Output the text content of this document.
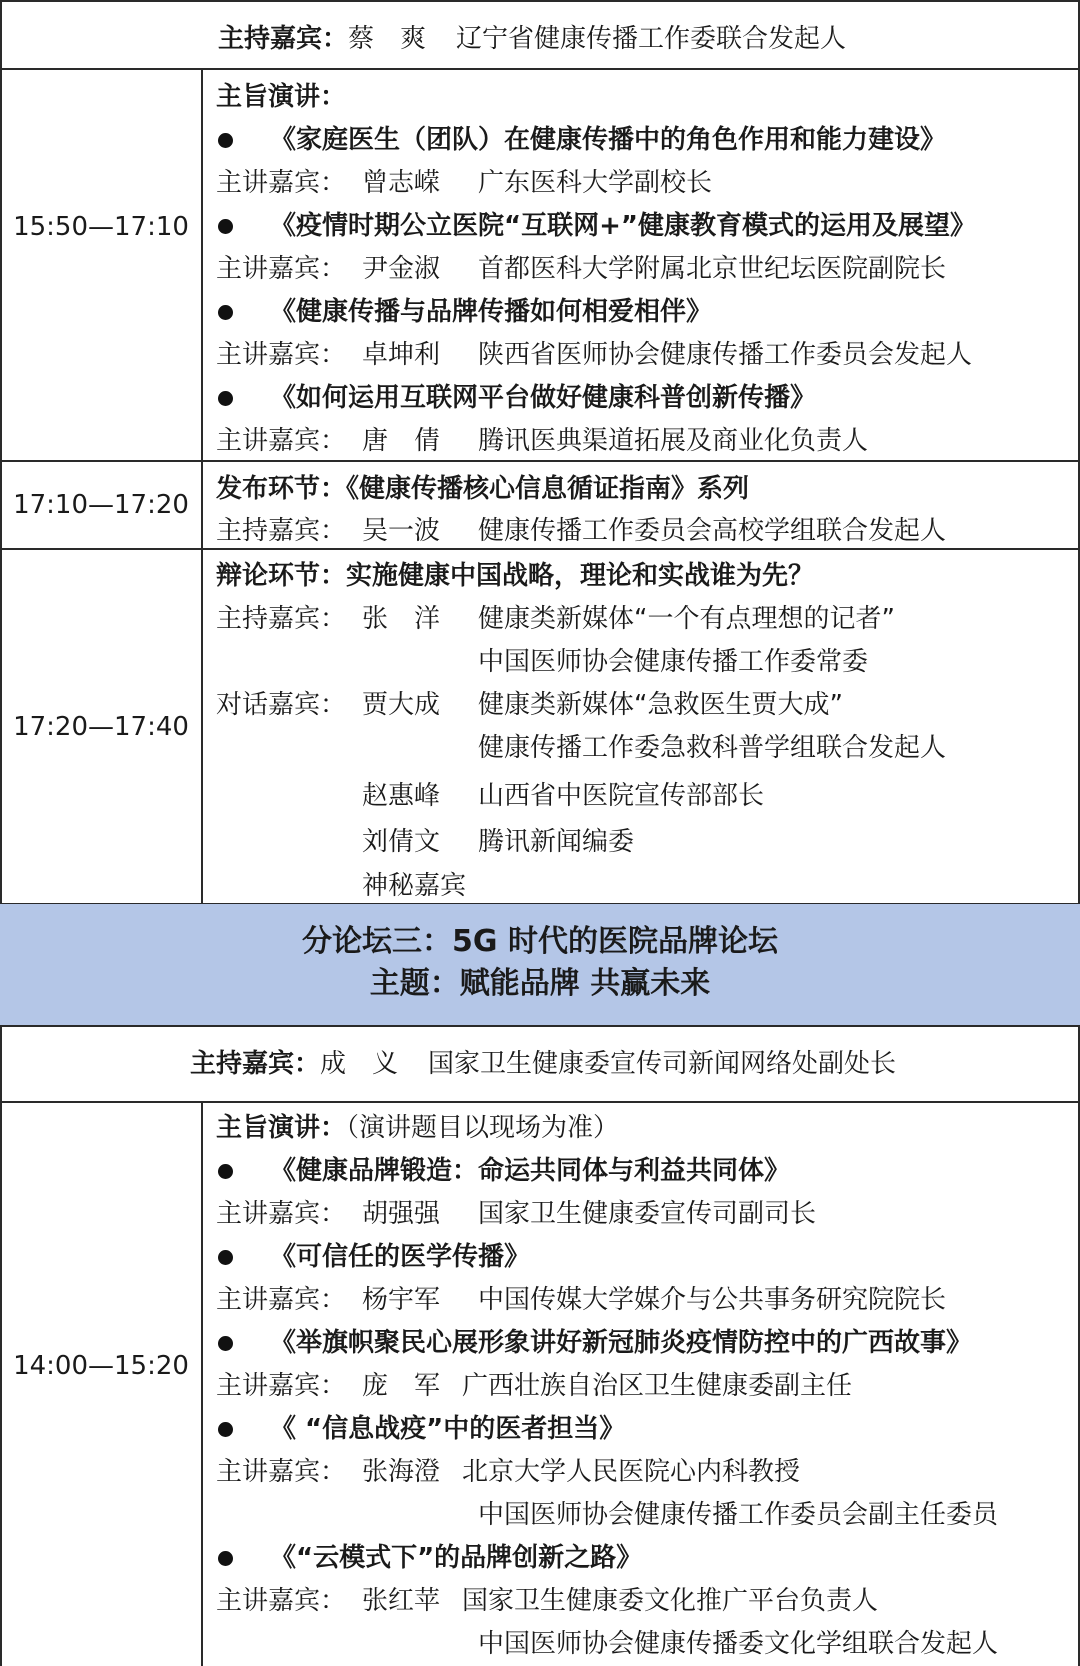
主持嘉宾：蔡　爽 辽宁省健康传播工作委联合发起人
15:50—17:10
主旨演讲：
《家庭医生（团队）在健康传播中的角色作用和能力建设》
主讲嘉宾： 曾志嵘 广东医科大学副校长
《疫情时期公立医院“互联网+”健康教育模式的运用及展望》
主讲嘉宾： 尹金淑 首都医科大学附属北京世纪坛医院副院长
《健康传播与品牌传播如何相爱相伴》
主讲嘉宾： 卓坤利 陕西省医师协会健康传播工作委员会发起人
《如何运用互联网平台做好健康科普创新传播》
主讲嘉宾： 唐　倩 腾讯医典渠道拓展及商业化负责人
17:10—17:20
发布环节：《健康传播核心信息循证指南》系列
主持嘉宾： 吴一波 健康传播工作委员会高校学组联合发起人
17:20—17:40
辩论环节：实施健康中国战略，理论和实战谁为先？
主持嘉宾： 张　洋 健康类新媒体“一个有点理想的记者”
中国医师协会健康传播工作委常委
对话嘉宾： 贾大成 健康类新媒体“急救医生贾大成”
健康传播工作委急救科普学组联合发起人
赵惠峰 山西省中医院宣传部部长
刘倩文 腾讯新闻编委
神秘嘉宾
分论坛三：5G 时代的医院品牌论坛
主题：赋能品牌 共赢未来
主持嘉宾：成　义 国家卫生健康委宣传司新闻网络处副处长
14:00—15:20
主旨演讲：（演讲题目以现场为准）
《健康品牌锻造：命运共同体与利益共同体》
主讲嘉宾： 胡强强 国家卫生健康委宣传司副司长
《可信任的医学传播》
主讲嘉宾： 杨宇军 中国传媒大学媒介与公共事务研究院院长
《举旗帜聚民心展形象讲好新冠肺炎疫情防控中的广西故事》
主讲嘉宾： 庞　军 广西壮族自治区卫生健康委副主任
《 “信息战疫”中的医者担当》
主讲嘉宾： 张海澄 北京大学人民医院心内科教授
中国医师协会健康传播工作委员会副主任委员
《“云模式下”的品牌创新之路》
主讲嘉宾： 张红苹 国家卫生健康委文化推广平台负责人
中国医师协会健康传播委文化学组联合发起人
